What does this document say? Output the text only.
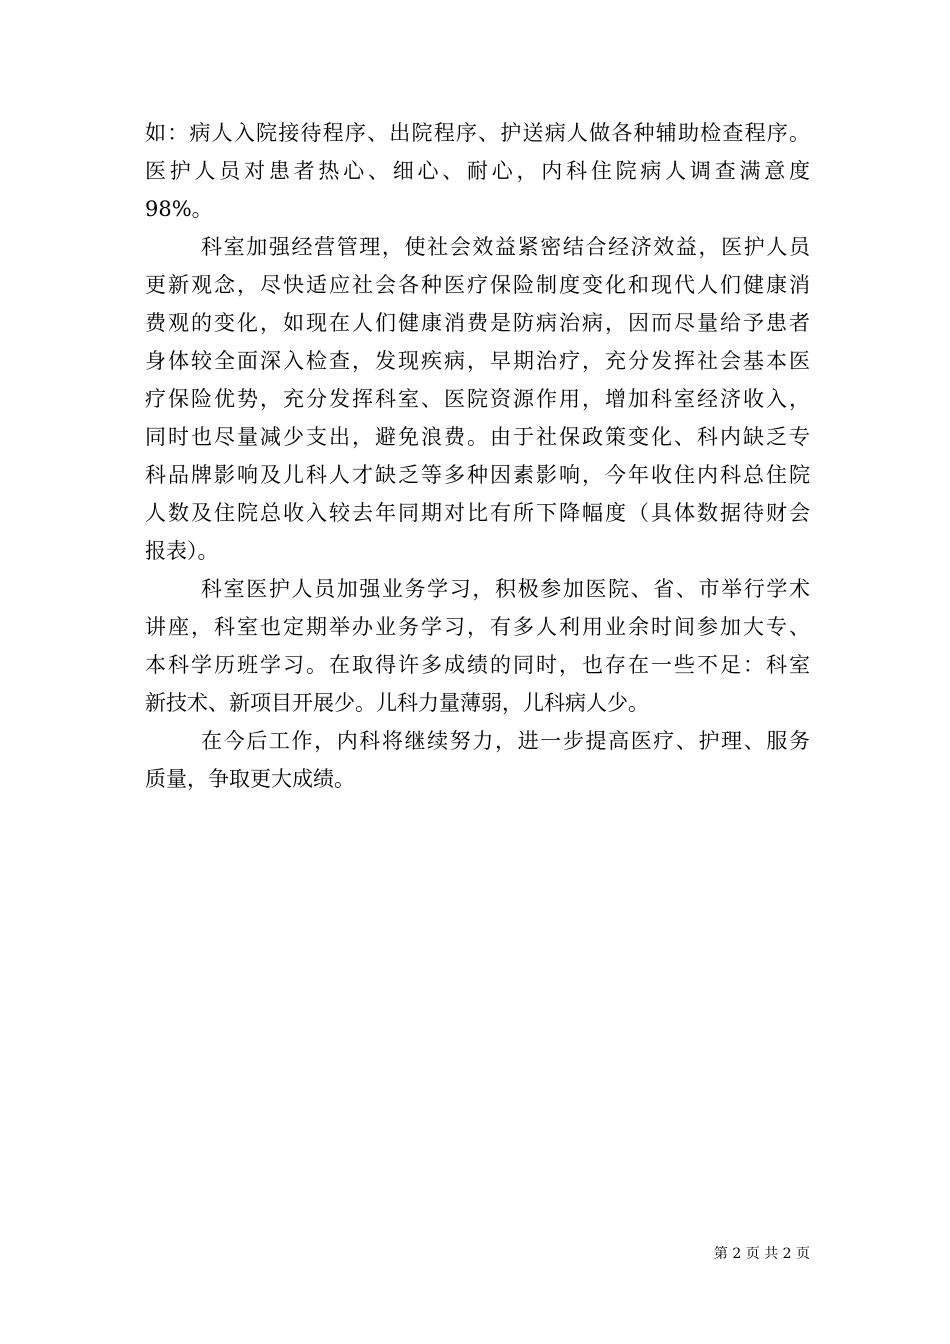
如：病人入院接待程序、出院程序、护送病人做各种辅助检查程序。
医护人员对患者热心、细心、耐心，内科住院病人调查满意度
98%。
科室加强经营管理，使社会效益紧密结合经济效益，医护人员
更新观念，尽快适应社会各种医疗保险制度变化和现代人们健康消
费观的变化，如现在人们健康消费是防病治病，因而尽量给予患者
身体较全面深入检查，发现疾病，早期治疗，充分发挥社会基本医
疗保险优势，充分发挥科室、医院资源作用，增加科室经济收入，
同时也尽量减少支出，避免浪费。由于社保政策变化、科内缺乏专
科品牌影响及儿科人才缺乏等多种因素影响，今年收住内科总住院
人数及住院总收入较去年同期对比有所下降幅度（具体数据待财会
报表）。
科室医护人员加强业务学习，积极参加医院、省、市举行学术
讲座，科室也定期举办业务学习，有多人利用业余时间参加大专、
本科学历班学习。在取得许多成绩的同时，也存在一些不足：科室
新技术、新项目开展少。儿科力量薄弱，儿科病人少。
在今后工作，内科将继续努力，进一步提高医疗、护理、服务
质量，争取更大成绩。
第 2 页 共 2 页
